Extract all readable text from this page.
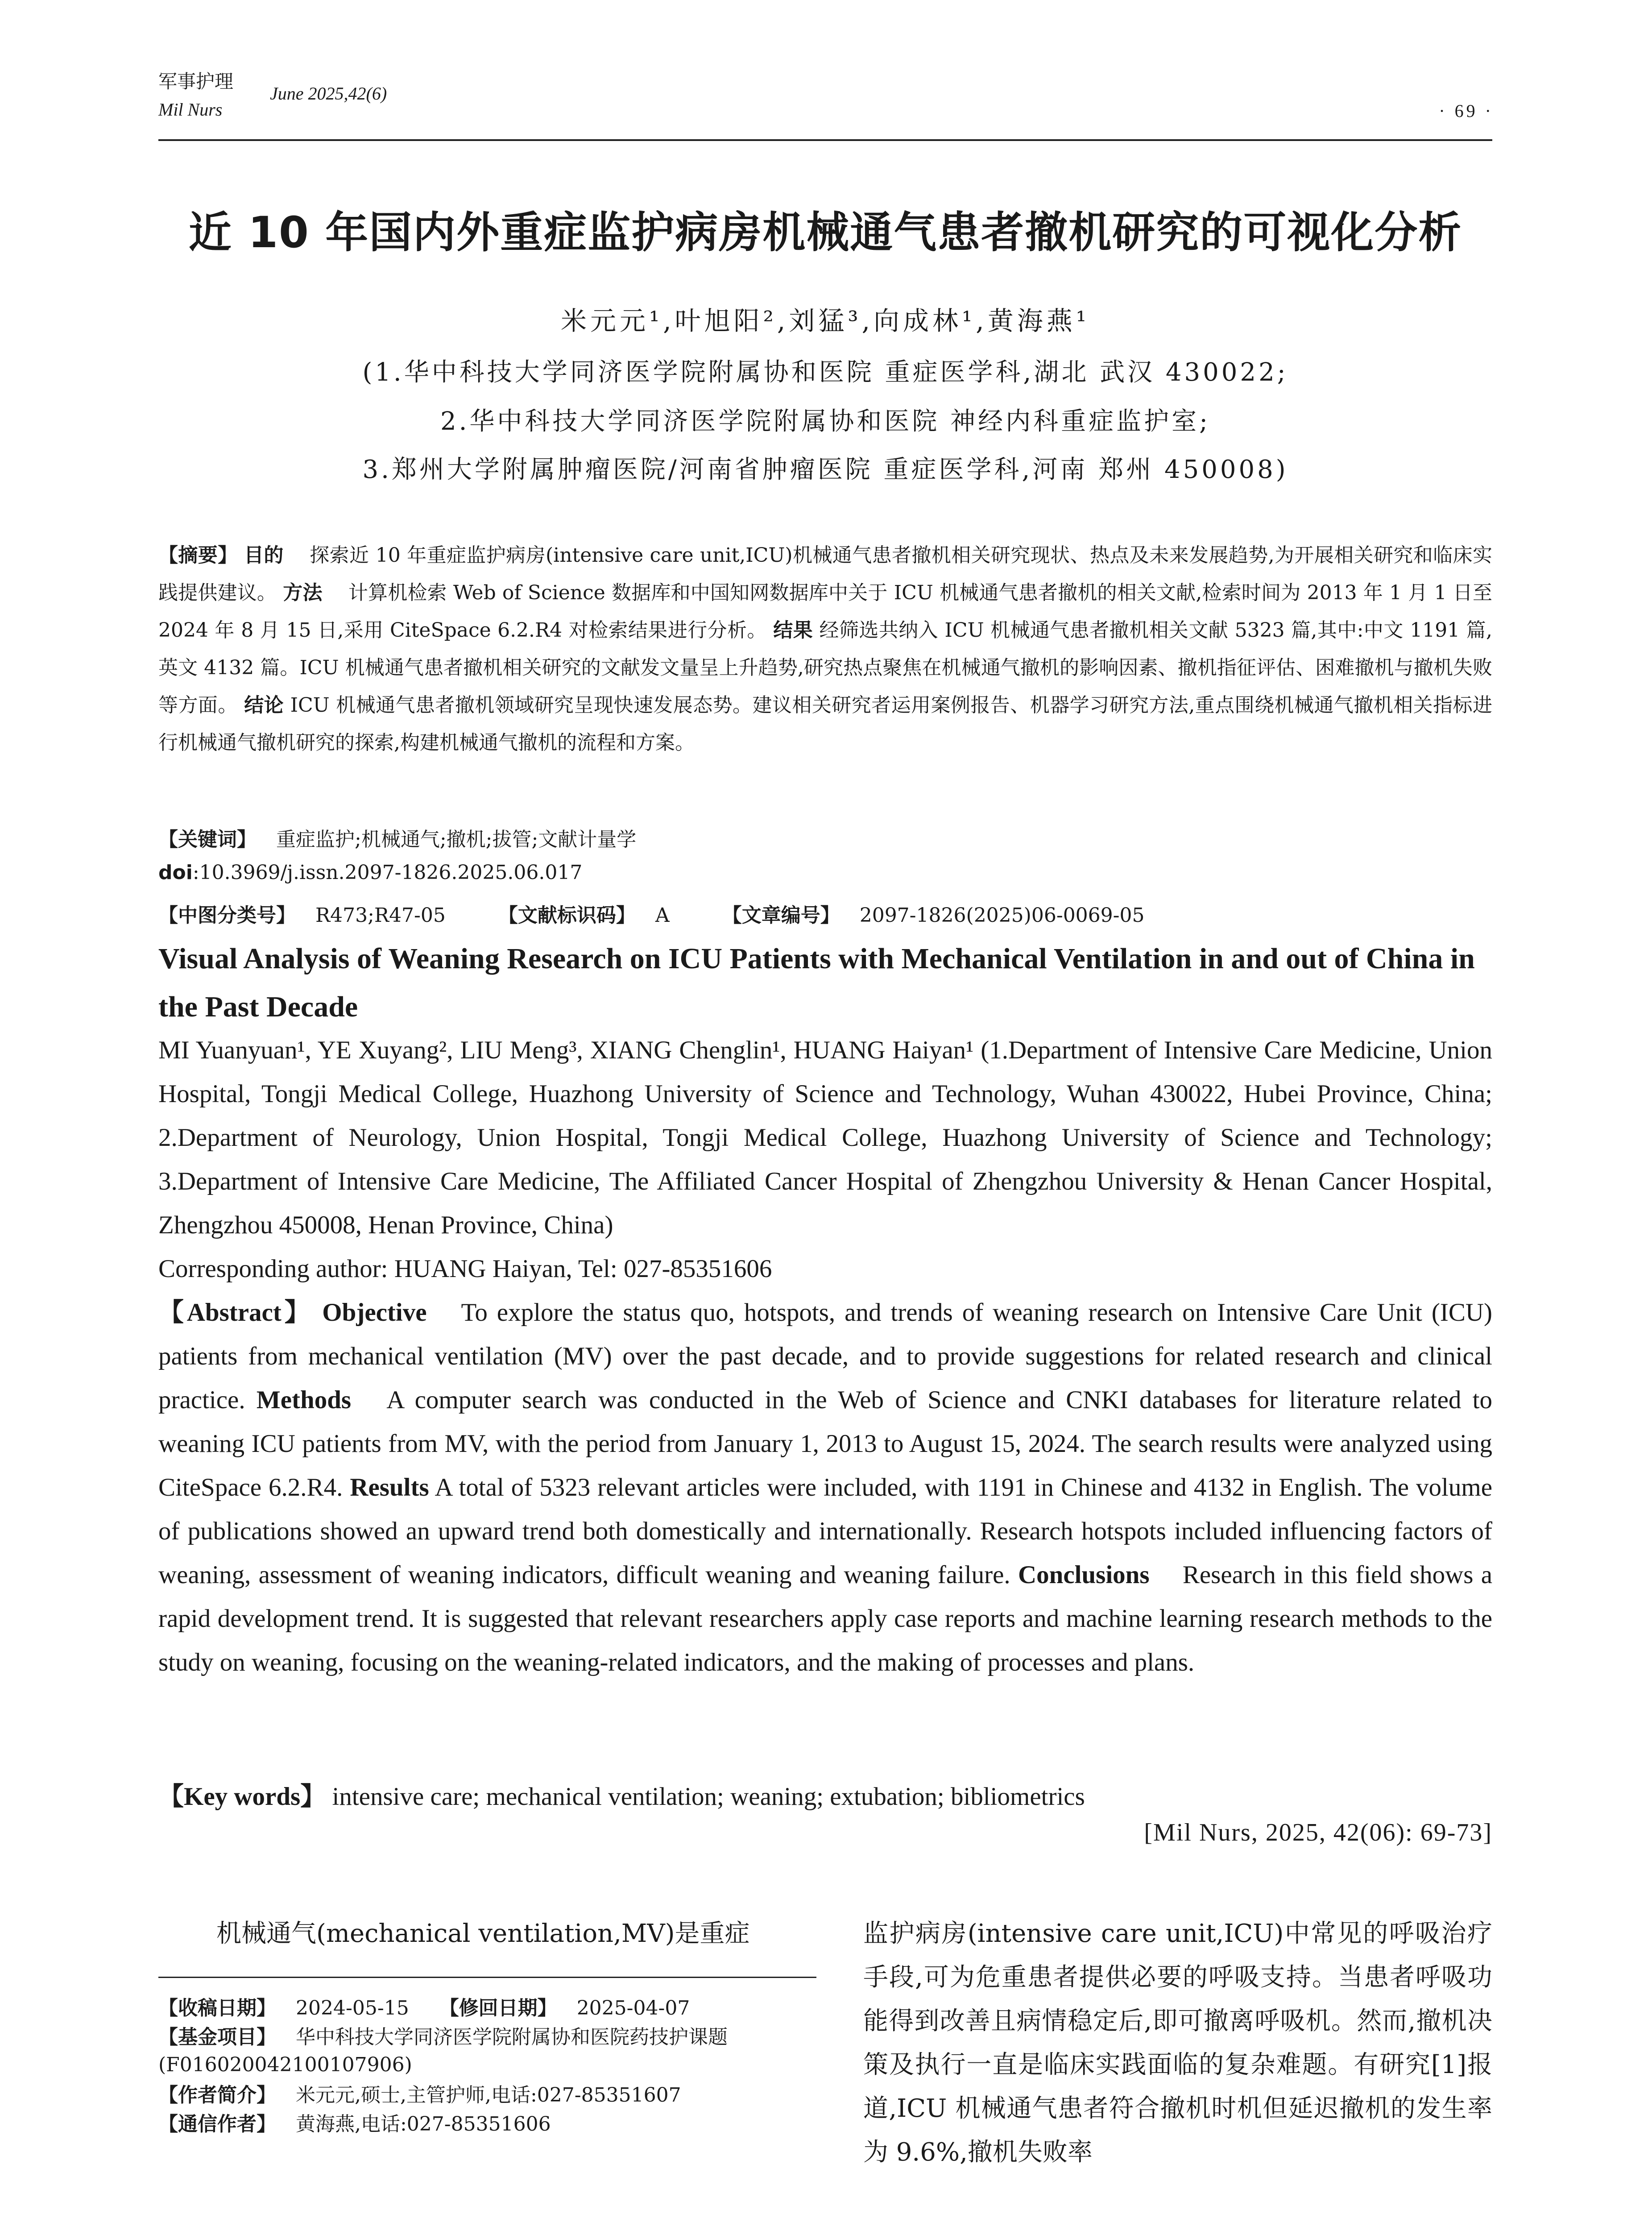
军事护理
Mil Nurs
June 2025,42(6)
· 69 ·
近 10 年国内外重症监护病房机械通气患者撤机研究的可视化分析
米元元¹,叶旭阳²,刘猛³,向成林¹,黄海燕¹
(1.华中科技大学同济医学院附属协和医院 重症医学科,湖北 武汉 430022;
2.华中科技大学同济医学院附属协和医院 神经内科重症监护室;
3.郑州大学附属肿瘤医院/河南省肿瘤医院 重症医学科,河南 郑州 450008)
【摘要】 目的  探索近 10 年重症监护病房(intensive care unit,ICU)机械通气患者撤机相关研究现状、热点及未来发展趋势,为开展相关研究和临床实践提供建议。 方法  计算机检索 Web of Science 数据库和中国知网数据库中关于 ICU 机械通气患者撤机的相关文献,检索时间为 2013 年 1 月 1 日至 2024 年 8 月 15 日,采用 CiteSpace 6.2.R4 对检索结果进行分析。 结果 经筛选共纳入 ICU 机械通气患者撤机相关文献 5323 篇,其中:中文 1191 篇,英文 4132 篇。ICU 机械通气患者撤机相关研究的文献发文量呈上升趋势,研究热点聚焦在机械通气撤机的影响因素、撤机指征评估、困难撤机与撤机失败等方面。 结论 ICU 机械通气患者撤机领域研究呈现快速发展态势。建议相关研究者运用案例报告、机器学习研究方法,重点围绕机械通气撤机相关指标进行机械通气撤机研究的探索,构建机械通气撤机的流程和方案。
【关键词】  重症监护;机械通气;撤机;拔管;文献计量学
doi:10.3969/j.issn.2097-1826.2025.06.017
【中图分类号】  R473;R47-05	【文献标识码】  A	【文章编号】  2097-1826(2025)06-0069-05
Visual Analysis of Weaning Research on ICU Patients with Mechanical Ventilation in and out of China in the Past Decade
MI Yuanyuan¹, YE Xuyang², LIU Meng³, XIANG Chenglin¹, HUANG Haiyan¹ (1.Department of Intensive Care Medicine, Union Hospital, Tongji Medical College, Huazhong University of Science and Technology, Wuhan 430022, Hubei Province, China; 2.Department of Neurology, Union Hospital, Tongji Medical College, Huazhong University of Science and Technology; 3.Department of Intensive Care Medicine, The Affiliated Cancer Hospital of Zhengzhou University & Henan Cancer Hospital, Zhengzhou 450008, Henan Province, China)
Corresponding author: HUANG Haiyan, Tel: 027-85351606
【Abstract】 Objective  To explore the status quo, hotspots, and trends of weaning research on Intensive Care Unit (ICU) patients from mechanical ventilation (MV) over the past decade, and to provide suggestions for related research and clinical practice. Methods  A computer search was conducted in the Web of Science and CNKI databases for literature related to weaning ICU patients from MV, with the period from January 1, 2013 to August 15, 2024. The search results were analyzed using CiteSpace 6.2.R4. Results A total of 5323 relevant articles were included, with 1191 in Chinese and 4132 in English. The volume of publications showed an upward trend both domestically and internationally. Research hotspots included influencing factors of weaning, assessment of weaning indicators, difficult weaning and weaning failure. Conclusions  Research in this field shows a rapid development trend. It is suggested that relevant researchers apply case reports and machine learning research methods to the study on weaning, focusing on the weaning-related indicators, and the making of processes and plans.
【Key words】 intensive care; mechanical ventilation; weaning; extubation; bibliometrics
[Mil Nurs, 2025, 42(06): 69-73]
机械通气(mechanical ventilation,MV)是重症
【收稿日期】  2024-05-15 【修回日期】  2025-04-07
【基金项目】  华中科技大学同济医学院附属协和医院药技护课题(F016020042100107906)
【作者简介】  米元元,硕士,主管护师,电话:027-85351607
【通信作者】  黄海燕,电话:027-85351606
监护病房(intensive care unit,ICU)中常见的呼吸治疗手段,可为危重患者提供必要的呼吸支持。当患者呼吸功能得到改善且病情稳定后,即可撤离呼吸机。然而,撤机决策及执行一直是临床实践面临的复杂难题。有研究[1]报道,ICU 机械通气患者符合撤机时机但延迟撤机的发生率为 9.6%,撤机失败率
